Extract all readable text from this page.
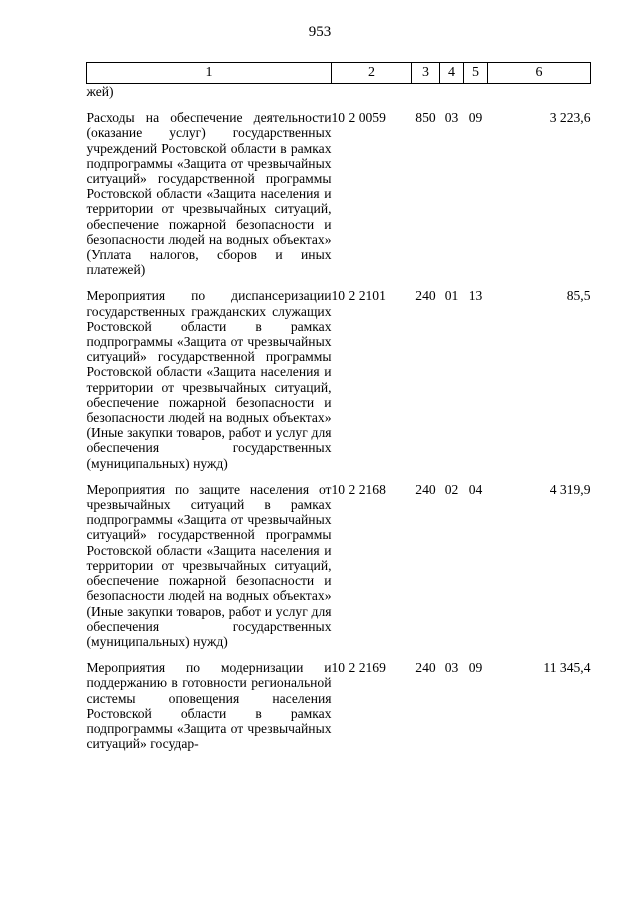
953
1	2	3	4	5	6
жей)					
Расходы на обеспечение деятельности (оказание услуг) государственных учреждений Ростовской области в рамках подпрограммы «Защита от чрезвычайных ситуаций» государственной программы Ростовской области «Защита населения и территории от чрезвычайных ситуаций, обеспечение пожарной безопасности и безопасности людей на водных объектах» (Уплата налогов, сборов и иных платежей)	10 2 0059	850	03	09	3 223,6
Мероприятия по диспансеризации государственных гражданских служащих Ростовской области в рамках подпрограммы «Защита от чрезвычайных ситуаций» государственной программы Ростовской области «Защита населения и территории от чрезвычайных ситуаций, обеспечение пожарной безопасности и безопасности людей на водных объектах» (Иные закупки товаров, работ и услуг для обеспечения государственных (муниципальных) нужд)	10 2 2101	240	01	13	85,5
Мероприятия по защите населения от чрезвычайных ситуаций в рамках подпрограммы «Защита от чрезвычайных ситуаций» государственной программы Ростовской области «Защита населения и территории от чрезвычайных ситуаций, обеспечение пожарной безопасности и безопасности людей на водных объектах» (Иные закупки товаров, работ и услуг для обеспечения государственных (муниципальных) нужд)	10 2 2168	240	02	04	4 319,9
Мероприятия по модернизации и поддержанию в готовности региональной системы оповещения населения Ростовской области в рамках подпрограммы «Защита от чрезвычайных ситуаций» государ-	10 2 2169	240	03	09	11 345,4
